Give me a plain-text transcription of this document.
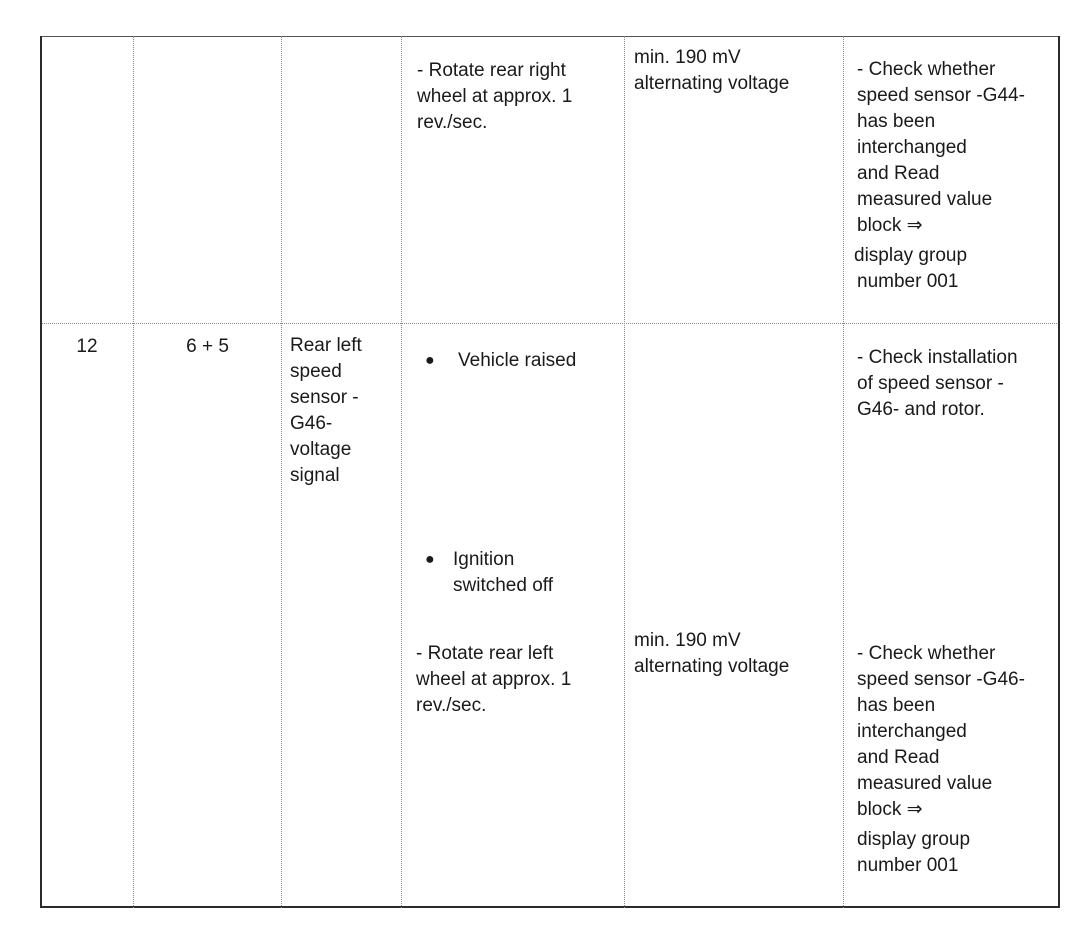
- Rotate rear right
wheel at approx. 1
rev./sec.
min. 190 mV
alternating voltage
- Check whether
speed sensor -G44-
has been
interchanged
and Read
measured value
block ⇒
display group
number 001
12	6 + 5	Rear left
speed
sensor -
G46-
voltage
signal
● Vehicle raised
● Ignition
switched off
- Check installation
of speed sensor -
G46- and rotor.
- Rotate rear left
wheel at approx. 1
rev./sec.
min. 190 mV
alternating voltage
- Check whether
speed sensor -G46-
has been
interchanged
and Read
measured value
block ⇒
display group
number 001
